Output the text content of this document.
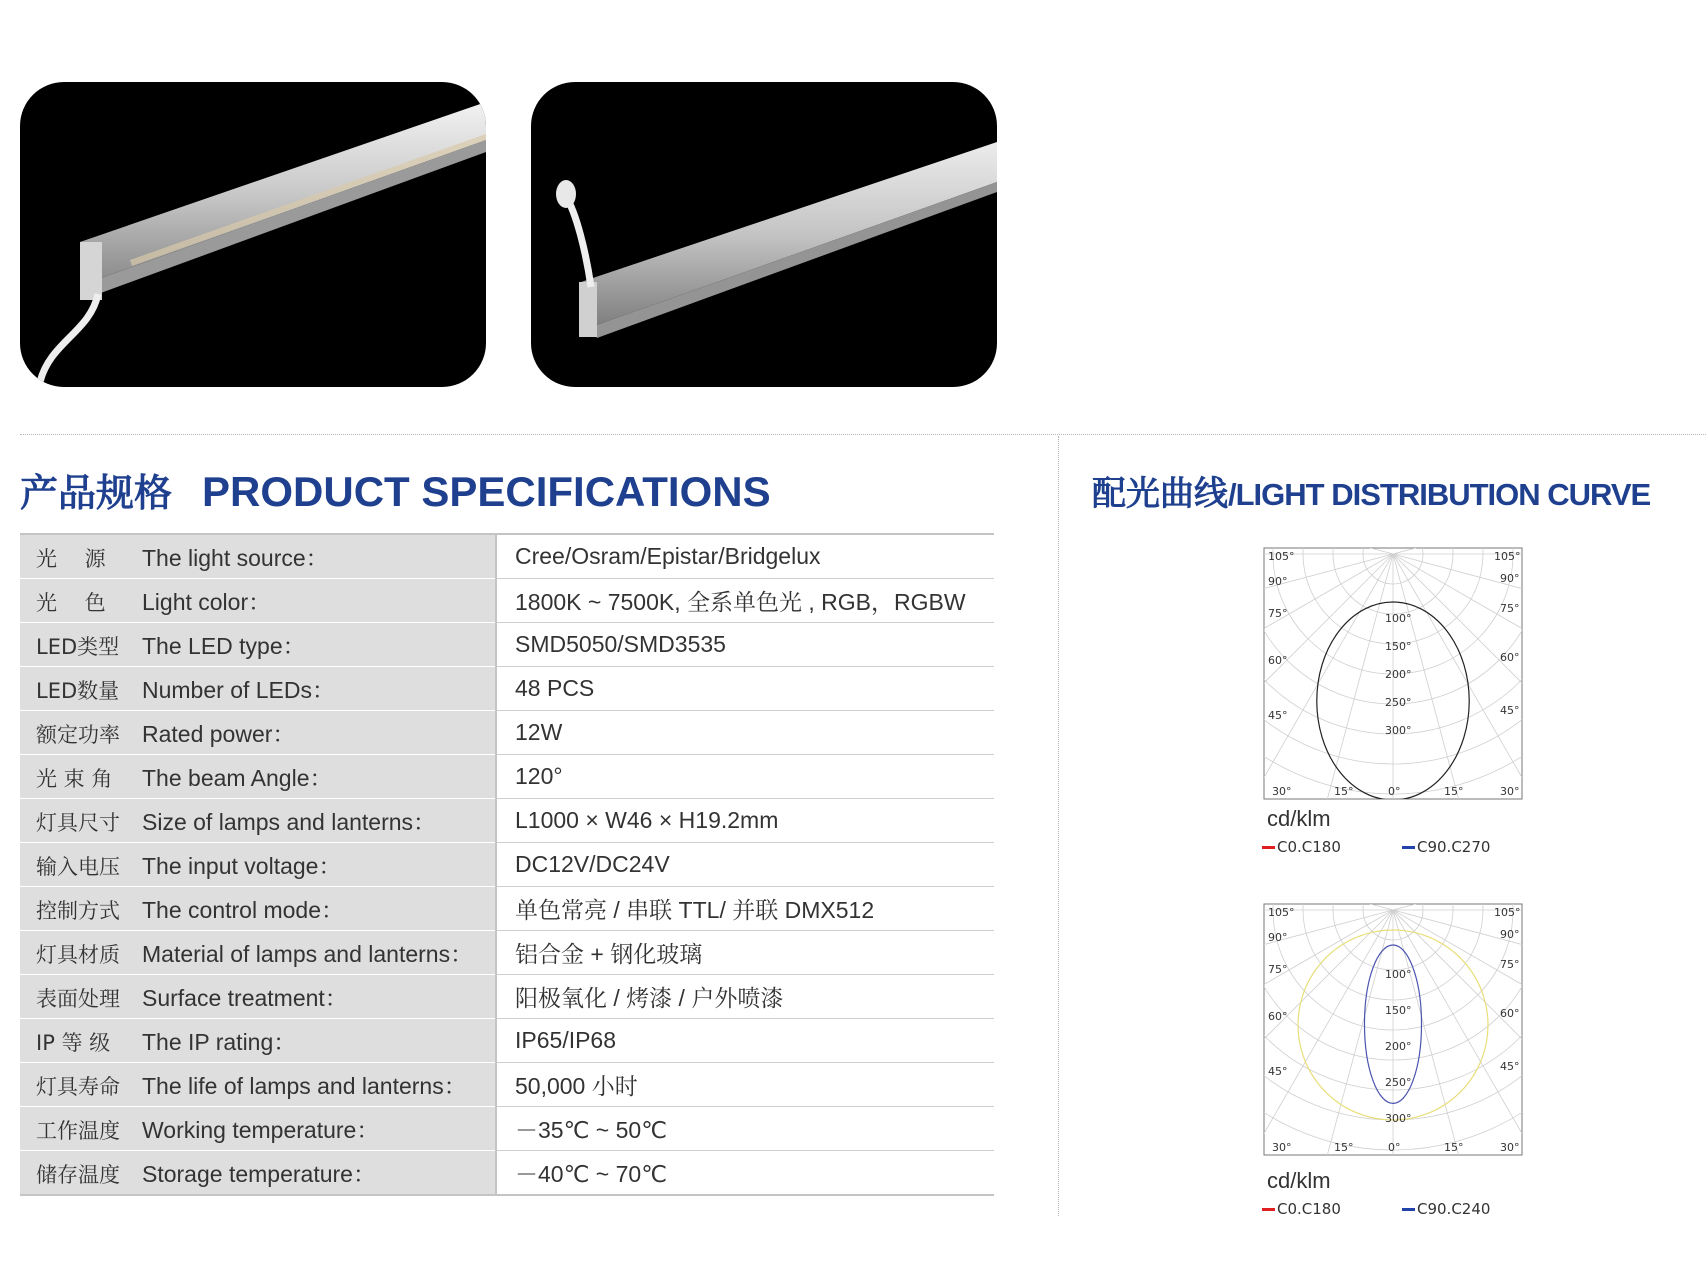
产品规格 PRODUCT SPECIFICATIONS	配光曲线/LIGHT DISTRIBUTION CURVE
光　 源 The light source：	Cree/Osram/Epistar/Bridgelux
光　 色 Light color：	1800K ~ 7500K, 全系单色光 , RGB，RGBW
LED类型 The LED type：	SMD5050/SMD3535
LED数量 Number of LEDs：	48 PCS
额定功率 Rated power：	12W
光 束 角 The beam Angle：	120°
灯具尺寸 Size of lamps and lanterns：	L1000 × W46 × H19.2mm
输入电压 The input voltage：	DC12V/DC24V
控制方式 The control mode：	单色常亮 / 串联 TTL/ 并联 DMX512
灯具材质 Material of lamps and lanterns：	铝合金 + 钢化玻璃
表面处理 Surface treatment：	阳极氧化 / 烤漆 / 户外喷漆
IP 等 级 The IP rating：	IP65/IP68
灯具寿命 The life of lamps and lanterns：	50,000 小时
工作温度 Working temperature：	－35℃ ~ 50℃
储存温度 Storage temperature：	－40℃ ~ 70℃
105°	105°
90°	90°
75°	75°
60°	60°
45°	45°
30°	30°
15°	15°
0°
100°
150°
200°
250°
300°
cd/klm
C0.C180	C90.C270
105°	105°
90°	90°
75°	75°
60°	60°
45°	45°
30°	30°
15°	15°
0°
100°
150°
200°
250°
300°
cd/klm
C0.C180	C90.C240
